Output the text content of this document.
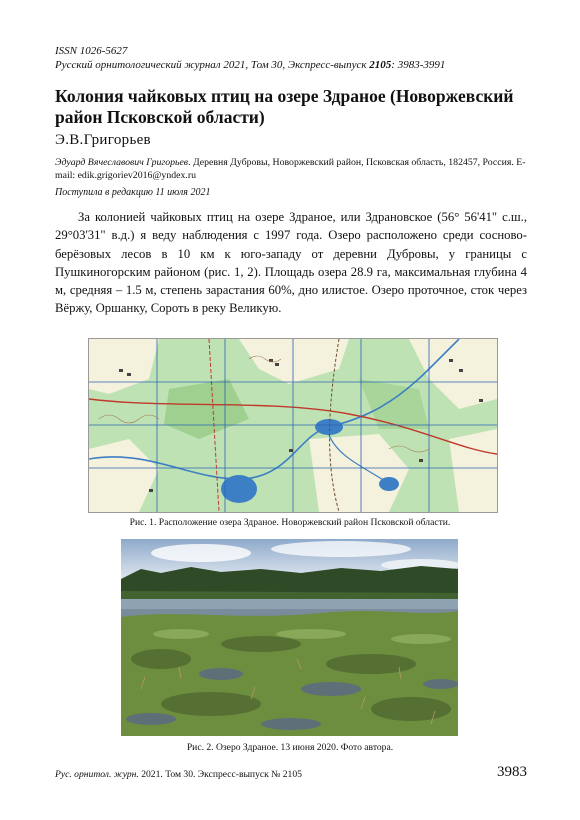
ISSN 1026-5627
Русский орнитологический журнал 2021, Том 30, Экспресс-выпуск 2105: 3983-3991
Колония чайковых птиц на озере Здраное (Новоржевский район Псковской области)
Э.В.Григорьев
Эдуард Вячеславович Григорьев. Деревня Дубровы, Новоржевский район, Псковская область, 182457, Россия. E-mail: edik.grigoriev2016@yndex.ru
Поступила в редакцию 11 июля 2021

За колонией чайковых птиц на озере Здраное, или Здрановское (56° 56'41" с.ш., 29°03'31" в.д.) я веду наблюдения с 1997 года. Озеро расположено среди сосново-берёзовых лесов в 10 км к юго-западу от деревни Дубровы, у границы с Пушкиногорским районом (рис. 1, 2). Площадь озера 28.9 га, максимальная глубина 4 м, средняя – 1.5 м, степень зарастания 60%, дно илистое. Озеро проточное, сток через Вёржу, Оршанку, Сороть в реку Великую.

Рис. 1. Расположение озера Здраное. Новоржевский район Псковской области.
Рис. 2. Озеро Здраное. 13 июня 2020. Фото автора.
Рус. орнитол. журн. 2021. Том 30. Экспресс-выпуск № 2105	3983
